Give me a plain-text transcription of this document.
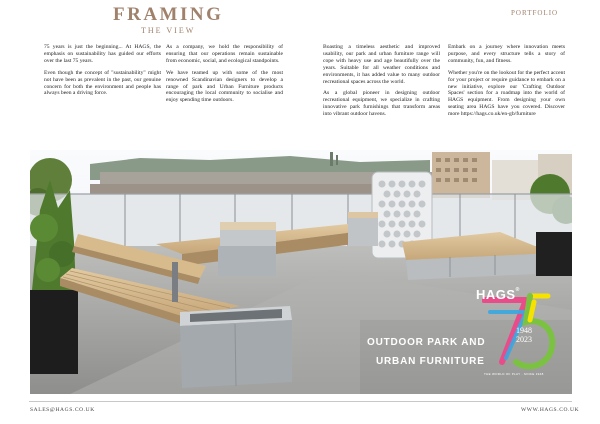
FRAMING
THE VIEW
PORTFOLIO

75 years is just the beginning... At HAGS, the emphasis on sustainability has guided our efforts over the last 75 years.

Even though the concept of "sustainability" might not have been as prevalent in the past, our genuine concern for both the environment and people has always been a driving force.

As a company, we hold the responsibility of ensuring that our operations remain sustainable from economic, social, and ecological standpoints.

We have teamed up with some of the most renowned Scandinavian designers to develop a range of park and Urban Furniture products encouraging the local community to socialise and enjoy spending time outdoors.

Boasting a timeless aesthetic and improved usability, our park and urban furniture range will cope with heavy use and age beautifully over the years. Suitable for all weather conditions and environments, it has added value to many outdoor recreational spaces across the world.

As a global pioneer in designing outdoor recreational equipment, we specialize in crafting innovative park furnishings that transform areas into vibrant outdoor havens.

Embark on a journey where innovation meets purpose, and every structure tells a story of community, fun, and fitness.

Whether you're on the lookout for the perfect accent for your project or require guidance to embark on a new initiative, explore our 'Crafting Outdoor Spaces' section for a roadmap into the world of HAGS equipment. From designing your own seating area HAGS have you covered. Discover more https://hags.co.uk/en-gb/furniture

HAGS®
1948
2023
THE WORLD OF PLAY · SINCE 1948
OUTDOOR PARK AND
URBAN FURNITURE
SALES@HAGS.CO.UK	WWW.HAGS.CO.UK
